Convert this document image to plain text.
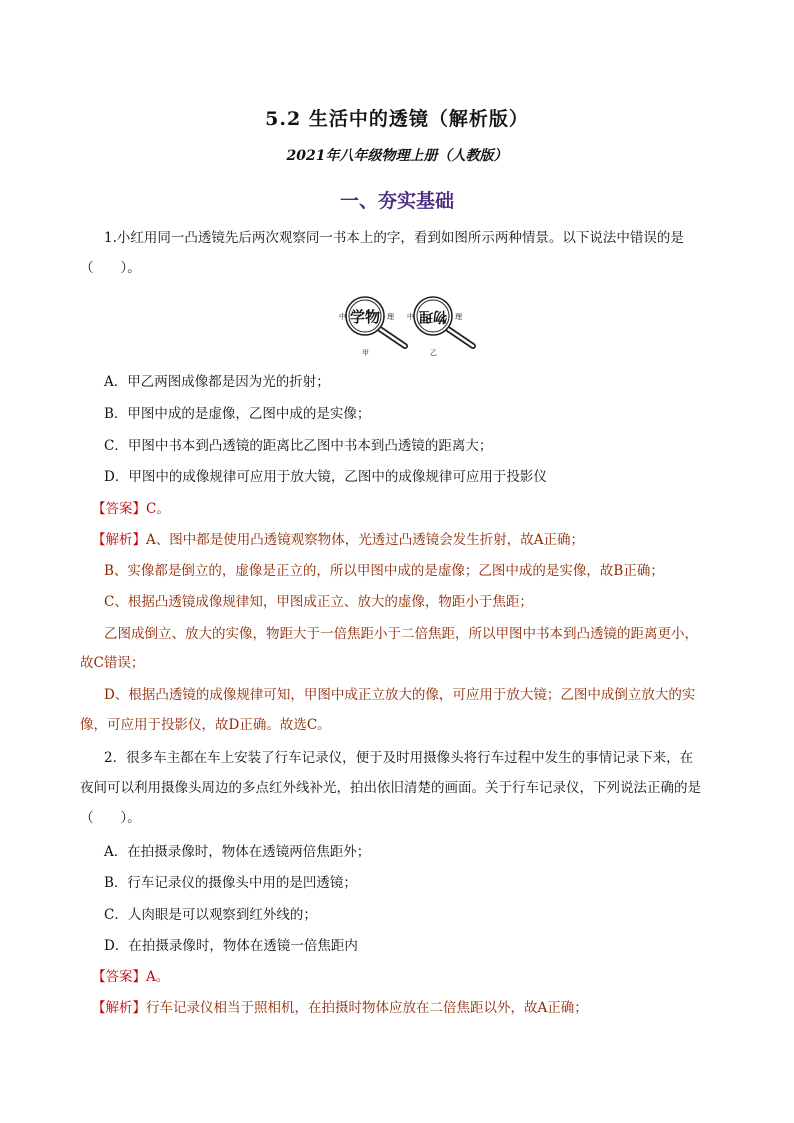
5.2 生活中的透镜（解析版）
2021年八年级物理上册（人教版）
一、夯实基础
1.小红用同一凸透镜先后两次观察同一书本上的字，看到如图所示两种情景。以下说法中错误的是
（　　）。
学物
中	理
甲
物理
中	理
乙
A．甲乙两图成像都是因为光的折射；
B．甲图中成的是虚像，乙图中成的是实像；
C．甲图中书本到凸透镜的距离比乙图中书本到凸透镜的距离大；
D．甲图中的成像规律可应用于放大镜，乙图中的成像规律可应用于投影仪
【答案】C。
【解析】A、图中都是使用凸透镜观察物体，光透过凸透镜会发生折射，故A正确；
B、实像都是倒立的，虚像是正立的，所以甲图中成的是虚像；乙图中成的是实像，故B正确；
C、根据凸透镜成像规律知，甲图成正立、放大的虚像，物距小于焦距；
乙图成倒立、放大的实像，物距大于一倍焦距小于二倍焦距，所以甲图中书本到凸透镜的距离更小，
故C错误；
D、根据凸透镜的成像规律可知，甲图中成正立放大的像，可应用于放大镜；乙图中成倒立放大的实
像，可应用于投影仪，故D正确。故选C。
2．很多车主都在车上安装了行车记录仪，便于及时用摄像头将行车过程中发生的事情记录下来，在
夜间可以利用摄像头周边的多点红外线补光，拍出依旧清楚的画面。关于行车记录仪，下列说法正确的是
（　　）。
A．在拍摄录像时，物体在透镜两倍焦距外；
B．行车记录仪的摄像头中用的是凹透镜；
C．人肉眼是可以观察到红外线的；
D．在拍摄录像时，物体在透镜一倍焦距内
【答案】A。
【解析】行车记录仪相当于照相机，在拍摄时物体应放在二倍焦距以外，故A正确；
